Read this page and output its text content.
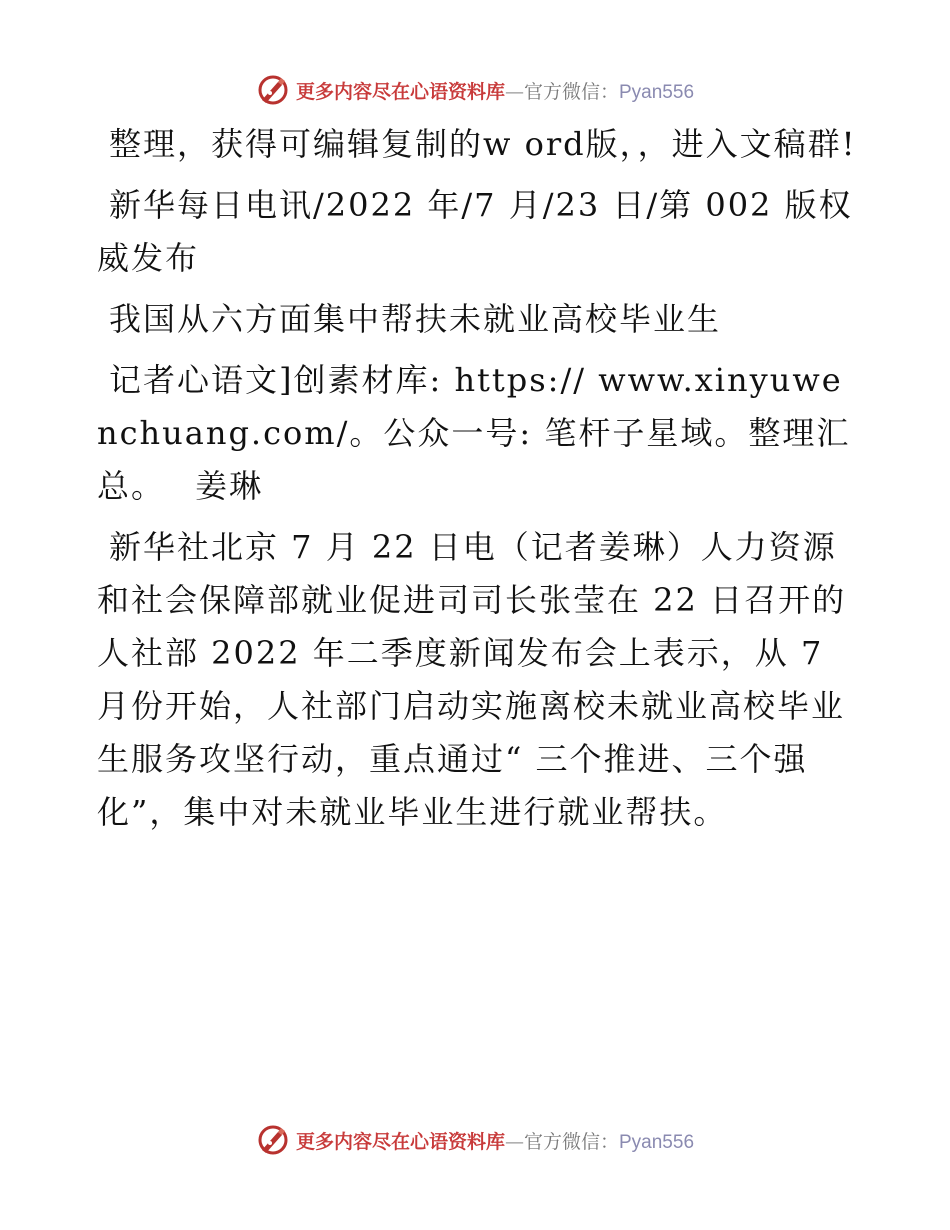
更多内容尽在心语资料库—官方微信：Pyan556

整理，获得可编辑复制的w ord版，，进入文稿群!

新华每日电讯/2022 年/7 月/23 日/第 002 版权威发布

我国从六方面集中帮扶未就业高校毕业生

记者心语文]创素材库: https:// www.xinyuwenchuang.com/。公众一号: 笔杆子星域。整理汇总。　 姜琳

新华社北京 7 月 22 日电（记者姜琳）人力资源和社会保障部就业促进司司长张莹在 22 日召开的人社部 2022 年二季度新闻发布会上表示，从 7 月份开始，人社部门启动实施离校未就业高校毕业生服务攻坚行动，重点通过“ 三个推进、三个强化”，集中对未就业毕业生进行就业帮扶。

更多内容尽在心语资料库—官方微信：Pyan556
